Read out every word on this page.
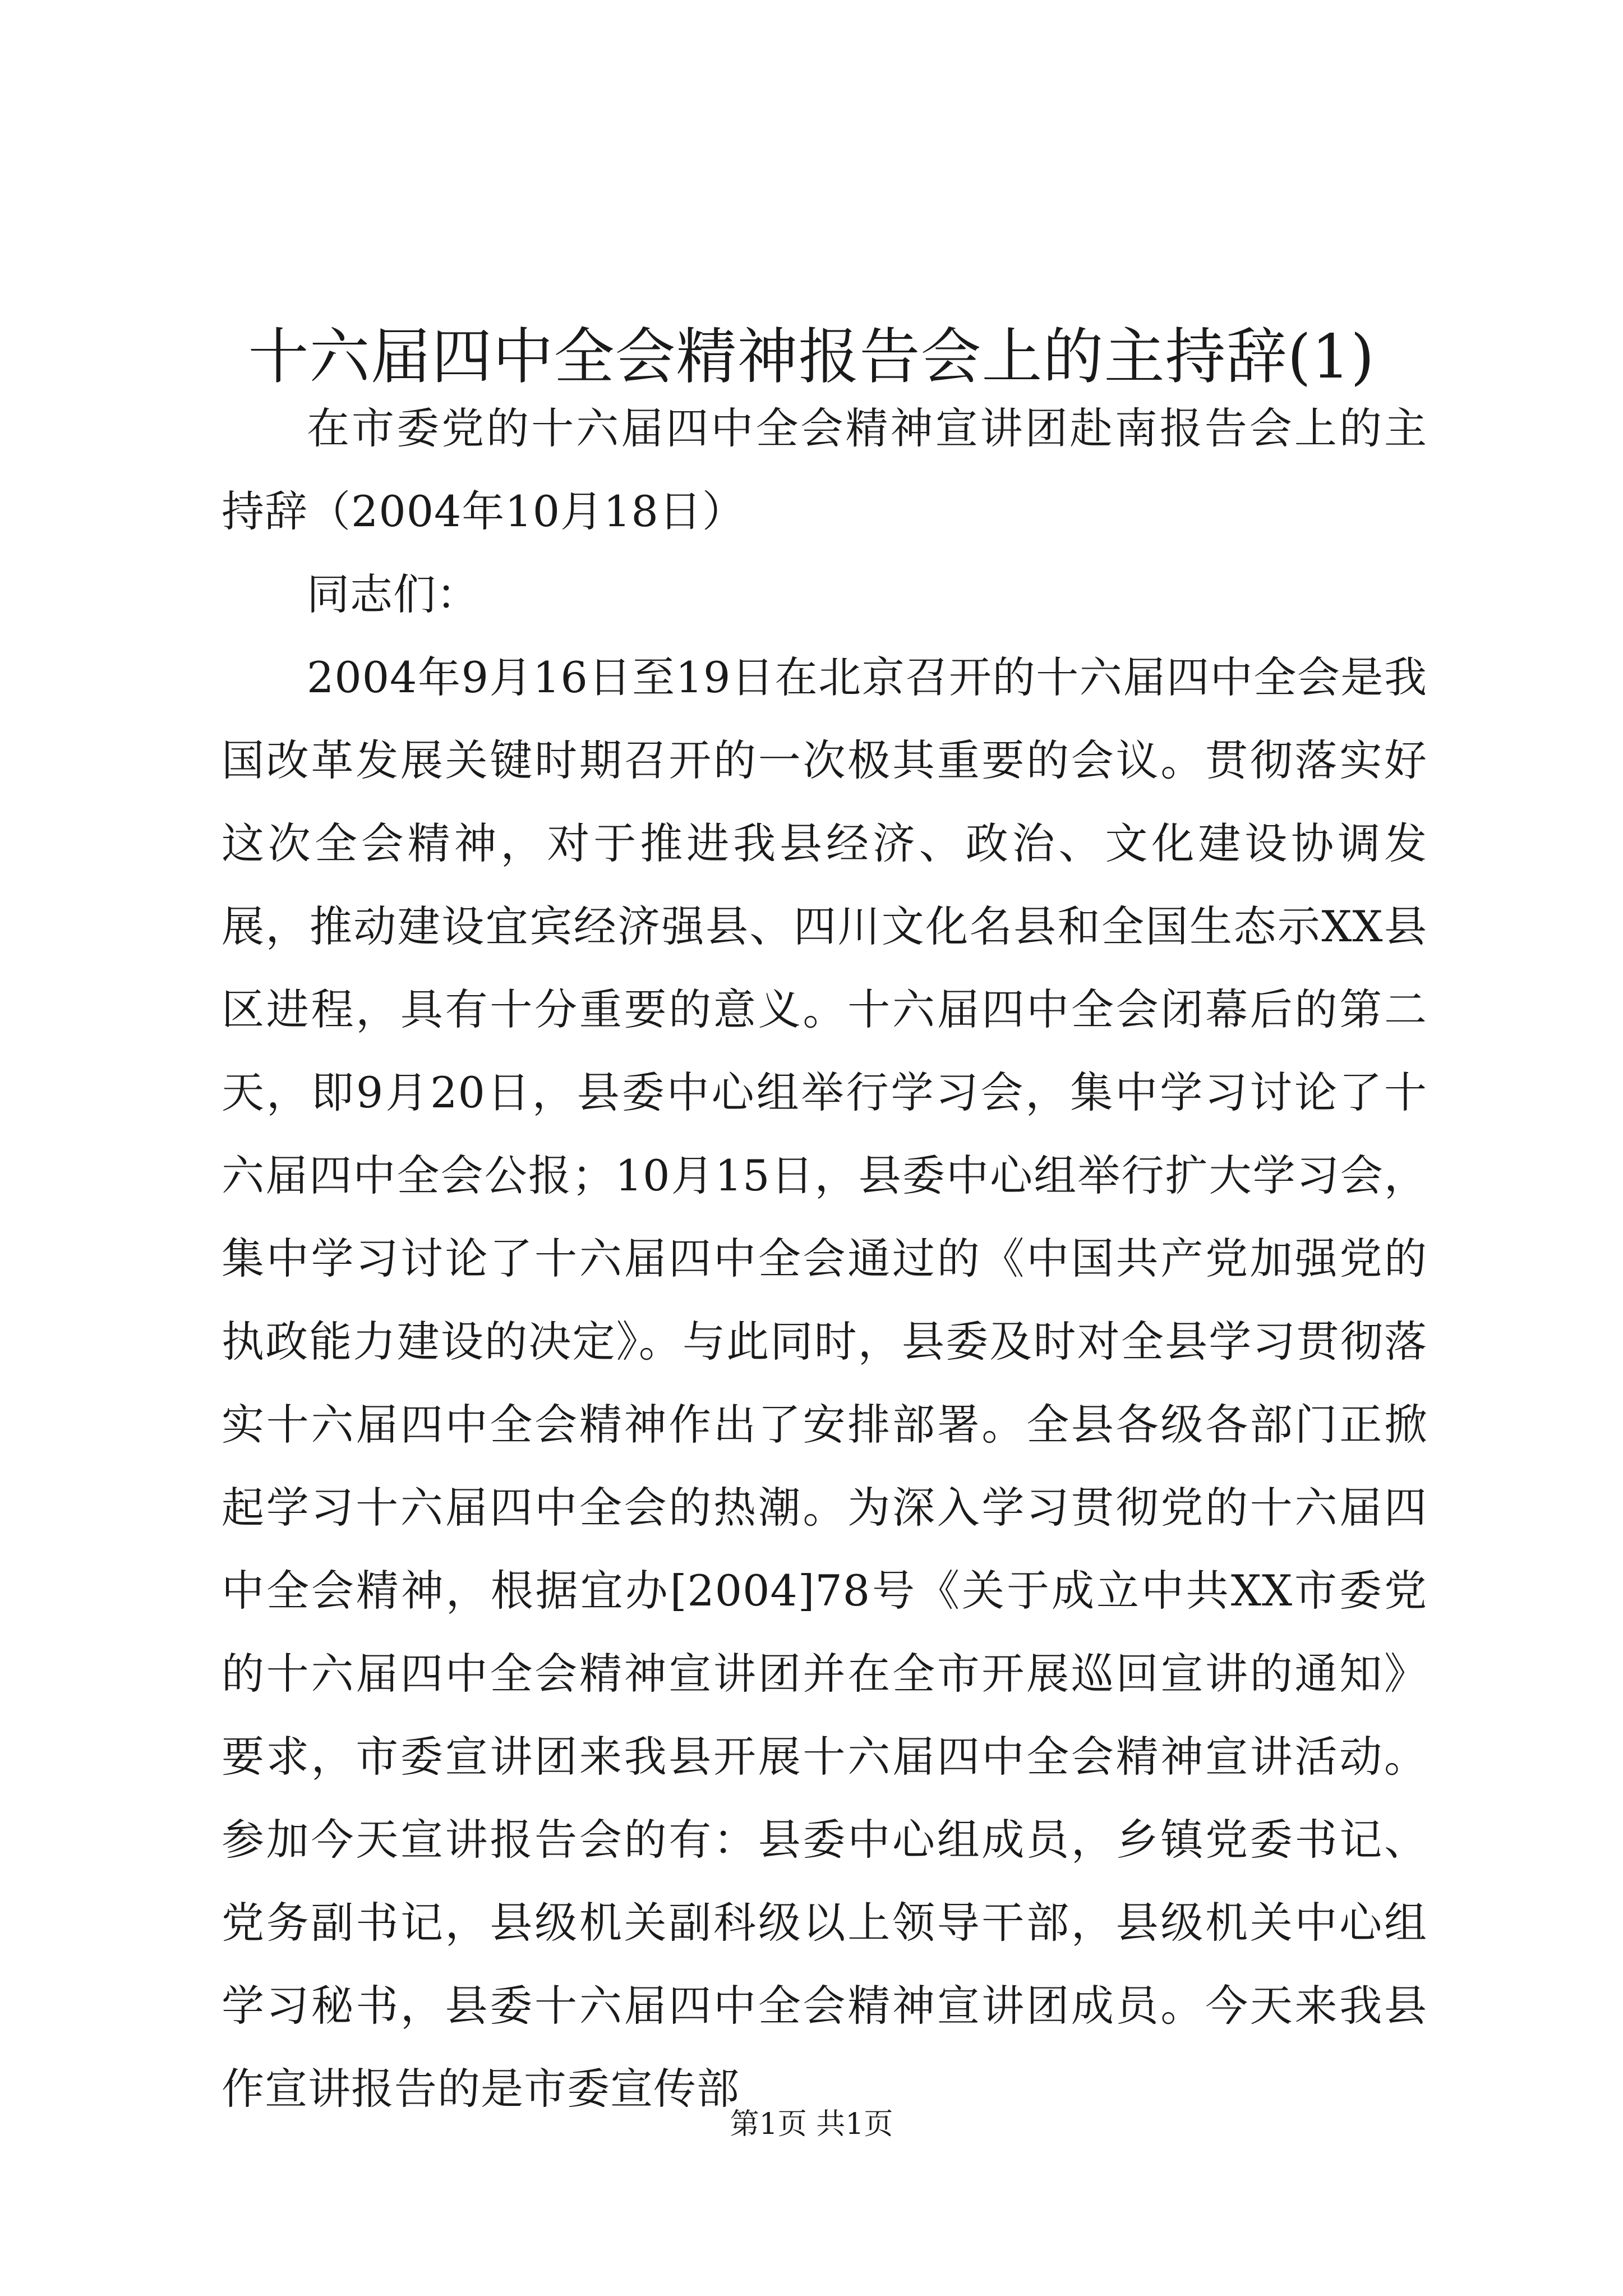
十六届四中全会精神报告会上的主持辞(1)

在市委党的十六届四中全会精神宣讲团赴南报告会上的主持辞（2004年10月18日）

同志们：

2004年9月16日至19日在北京召开的十六届四中全会是我国改革发展关键时期召开的一次极其重要的会议。贯彻落实好这次全会精神，对于推进我县经济、政治、文化建设协调发展，推动建设宜宾经济强县、四川文化名县和全国生态示XX县区进程，具有十分重要的意义。十六届四中全会闭幕后的第二天，即9月20日，县委中心组举行学习会，集中学习讨论了十六届四中全会公报；10月15日，县委中心组举行扩大学习会，集中学习讨论了十六届四中全会通过的《中国共产党加强党的执政能力建设的决定》。与此同时，县委及时对全县学习贯彻落实十六届四中全会精神作出了安排部署。全县各级各部门正掀起学习十六届四中全会的热潮。为深入学习贯彻党的十六届四中全会精神，根据宜办[2004]78号《关于成立中共XX市委党的十六届四中全会精神宣讲团并在全市开展巡回宣讲的通知》要求，市委宣讲团来我县开展十六届四中全会精神宣讲活动。参加今天宣讲报告会的有：县委中心组成员，乡镇党委书记、党务副书记，县级机关副科级以上领导干部，县级机关中心组学习秘书，县委十六届四中全会精神宣讲团成员。今天来我县作宣讲报告的是市委宣传部

第1页 共1页
